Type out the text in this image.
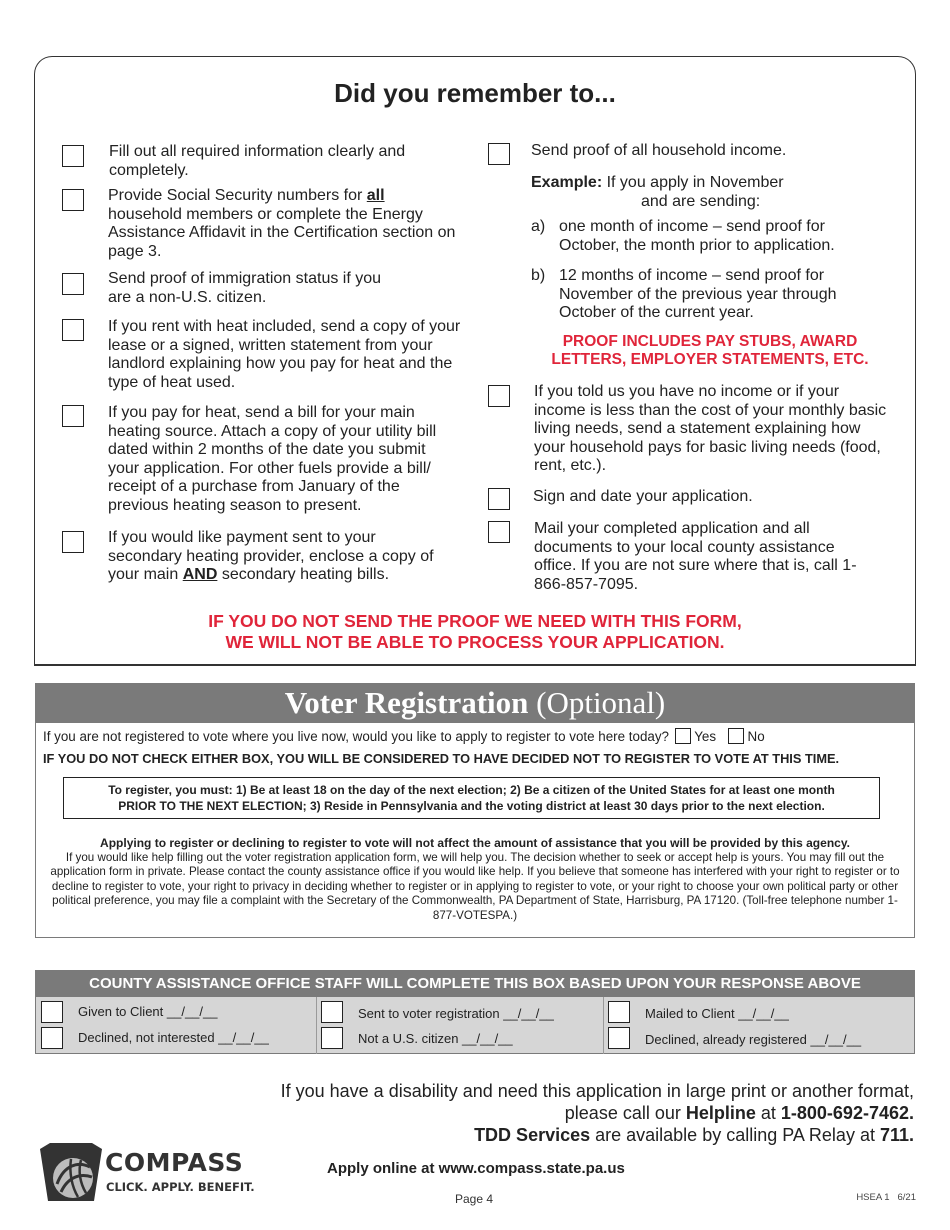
Did you remember to...
Fill out all required information clearly and completely.
Provide Social Security numbers for all household members or complete the Energy Assistance Affidavit in the Certification section on page 3.
Send proof of immigration status if you are a non-U.S. citizen.
If you rent with heat included, send a copy of your lease or a signed, written statement from your landlord explaining how you pay for heat and the type of heat used.
If you pay for heat, send a bill for your main heating source. Attach a copy of your utility bill dated within 2 months of the date you submit your application. For other fuels provide a bill/ receipt of a purchase from January of the previous heating season to present.
If you would like payment sent to your secondary heating provider, enclose a copy of your main AND secondary heating bills.
Send proof of all household income.
Example: If you apply in November
and are sending:
a) one month of income – send proof for October, the month prior to application.
b) 12 months of income – send proof for November of the previous year through October of the current year.
PROOF INCLUDES PAY STUBS, AWARD
LETTERS, EMPLOYER STATEMENTS, ETC.
If you told us you have no income or if your income is less than the cost of your monthly basic living needs, send a statement explaining how your household pays for basic living needs (food, rent, etc.).
Sign and date your application.
Mail your completed application and all documents to your local county assistance office. If you are not sure where that is, call 1-866-857-7095.
IF YOU DO NOT SEND THE PROOF WE NEED WITH THIS FORM,
WE WILL NOT BE ABLE TO PROCESS YOUR APPLICATION.
Voter Registration (Optional)
If you are not registered to vote where you live now, would you like to apply to register to vote here today? Yes No
IF YOU DO NOT CHECK EITHER BOX, YOU WILL BE CONSIDERED TO HAVE DECIDED NOT TO REGISTER TO VOTE AT THIS TIME.
To register, you must: 1) Be at least 18 on the day of the next election; 2) Be a citizen of the United States for at least one month
PRIOR TO THE NEXT ELECTION; 3) Reside in Pennsylvania and the voting district at least 30 days prior to the next election.
Applying to register or declining to register to vote will not affect the amount of assistance that you will be provided by this agency.
If you would like help filling out the voter registration application form, we will help you. The decision whether to seek or accept help is yours. You may fill out the application form in private. Please contact the county assistance office if you would like help. If you believe that someone has interfered with your right to register or to decline to register to vote, your right to privacy in deciding whether to register or in applying to register to vote, or your right to choose your own political party or other political preference, you may file a complaint with the Secretary of the Commonwealth, PA Department of State, Harrisburg, PA 17120. (Toll-free telephone number 1-877-VOTESPA.)
COUNTY ASSISTANCE OFFICE STAFF WILL COMPLETE THIS BOX BASED UPON YOUR RESPONSE ABOVE
Given to Client __/__/__
Declined, not interested __/__/__
Sent to voter registration __/__/__
Not a U.S. citizen __/__/__
Mailed to Client __/__/__
Declined, already registered __/__/__
If you have a disability and need this application in large print or another format,
please call our Helpline at 1-800-692-7462.
TDD Services are available by calling PA Relay at 711.
COMPASS
CLICK. APPLY. BENEFIT.
Apply online at www.compass.state.pa.us
Page 4	HSEA 1   6/21
